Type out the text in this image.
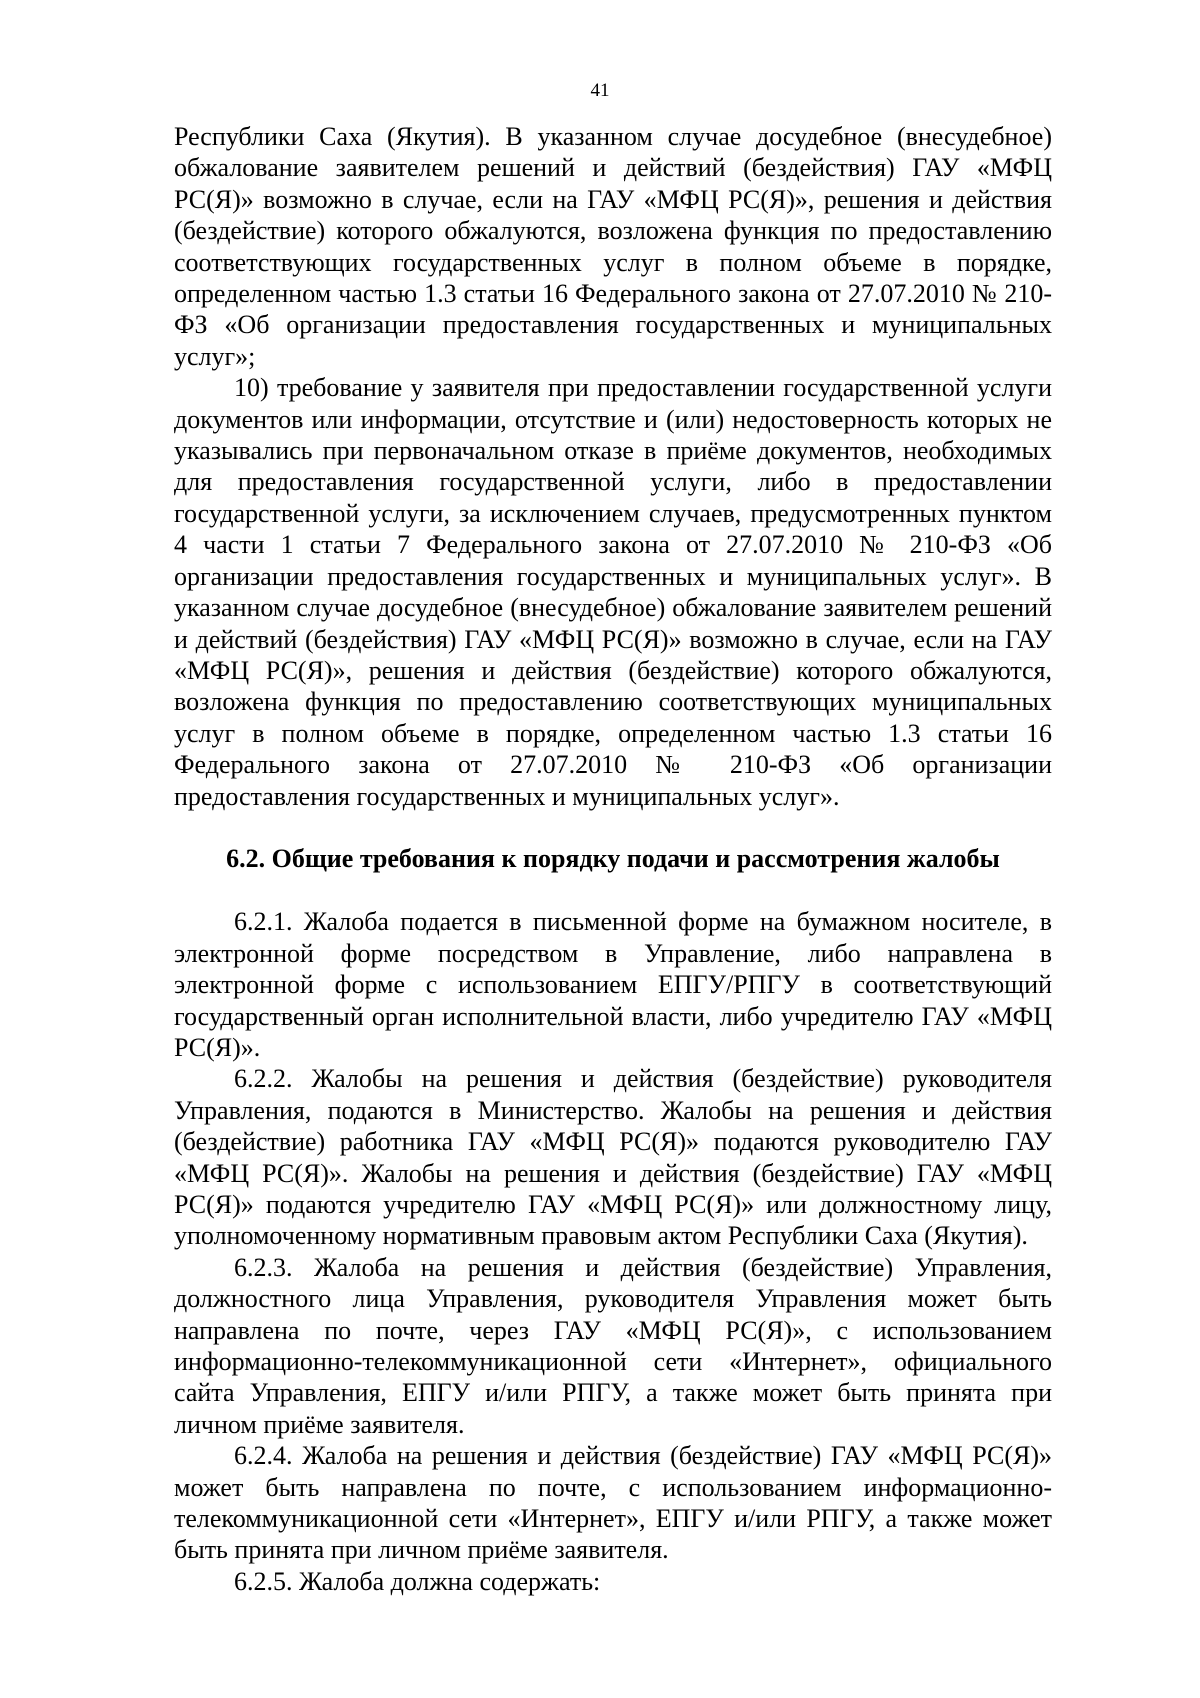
41

Республики Саха (Якутия). В указанном случае досудебное (внесудебное) обжалование заявителем решений и действий (бездействия) ГАУ «МФЦ РС(Я)» возможно в случае, если на ГАУ «МФЦ РС(Я)», решения и действия (бездействие) которого обжалуются, возложена функция по предоставлению соответствующих государственных услуг в полном объеме в порядке, определенном частью 1.3 статьи 16 Федерального закона от 27.07.2010 № 210-ФЗ «Об организации предоставления государственных и муниципальных услуг»;

10) требование у заявителя при предоставлении государственной услуги документов или информации, отсутствие и (или) недостоверность которых не указывались при первоначальном отказе в приёме документов, необходимых для предоставления государственной услуги, либо в предоставлении государственной услуги, за исключением случаев, предусмотренных пунктом 4 части 1 статьи 7 Федерального закона от 27.07.2010 № 210-ФЗ «Об организации предоставления государственных и муниципальных услуг». В указанном случае досудебное (внесудебное) обжалование заявителем решений и действий (бездействия) ГАУ «МФЦ РС(Я)» возможно в случае, если на ГАУ «МФЦ РС(Я)», решения и действия (бездействие) которого обжалуются, возложена функция по предоставлению соответствующих муниципальных услуг в полном объеме в порядке, определенном частью 1.3 статьи 16 Федерального закона от 27.07.2010 № 210-ФЗ «Об организации предоставления государственных и муниципальных услуг».

6.2. Общие требования к порядку подачи и рассмотрения жалобы

6.2.1. Жалоба подается в письменной форме на бумажном носителе, в электронной форме посредством в Управление, либо направлена в электронной форме с использованием ЕПГУ/РПГУ в соответствующий государственный орган исполнительной власти, либо учредителю ГАУ «МФЦ РС(Я)».

6.2.2. Жалобы на решения и действия (бездействие) руководителя Управления, подаются в Министерство. Жалобы на решения и действия (бездействие) работника ГАУ «МФЦ РС(Я)» подаются руководителю ГАУ «МФЦ РС(Я)». Жалобы на решения и действия (бездействие) ГАУ «МФЦ РС(Я)» подаются учредителю ГАУ «МФЦ РС(Я)» или должностному лицу, уполномоченному нормативным правовым актом Республики Саха (Якутия).

6.2.3. Жалоба на решения и действия (бездействие) Управления, должностного лица Управления, руководителя Управления может быть направлена по почте, через ГАУ «МФЦ РС(Я)», с использованием информационно-телекоммуникационной сети «Интернет», официального сайта Управления, ЕПГУ и/или РПГУ, а также может быть принята при личном приёме заявителя.

6.2.4. Жалоба на решения и действия (бездействие) ГАУ «МФЦ РС(Я)» может быть направлена по почте, с использованием информационно-телекоммуникационной сети «Интернет», ЕПГУ и/или РПГУ, а также может быть принята при личном приёме заявителя.

6.2.5. Жалоба должна содержать:
